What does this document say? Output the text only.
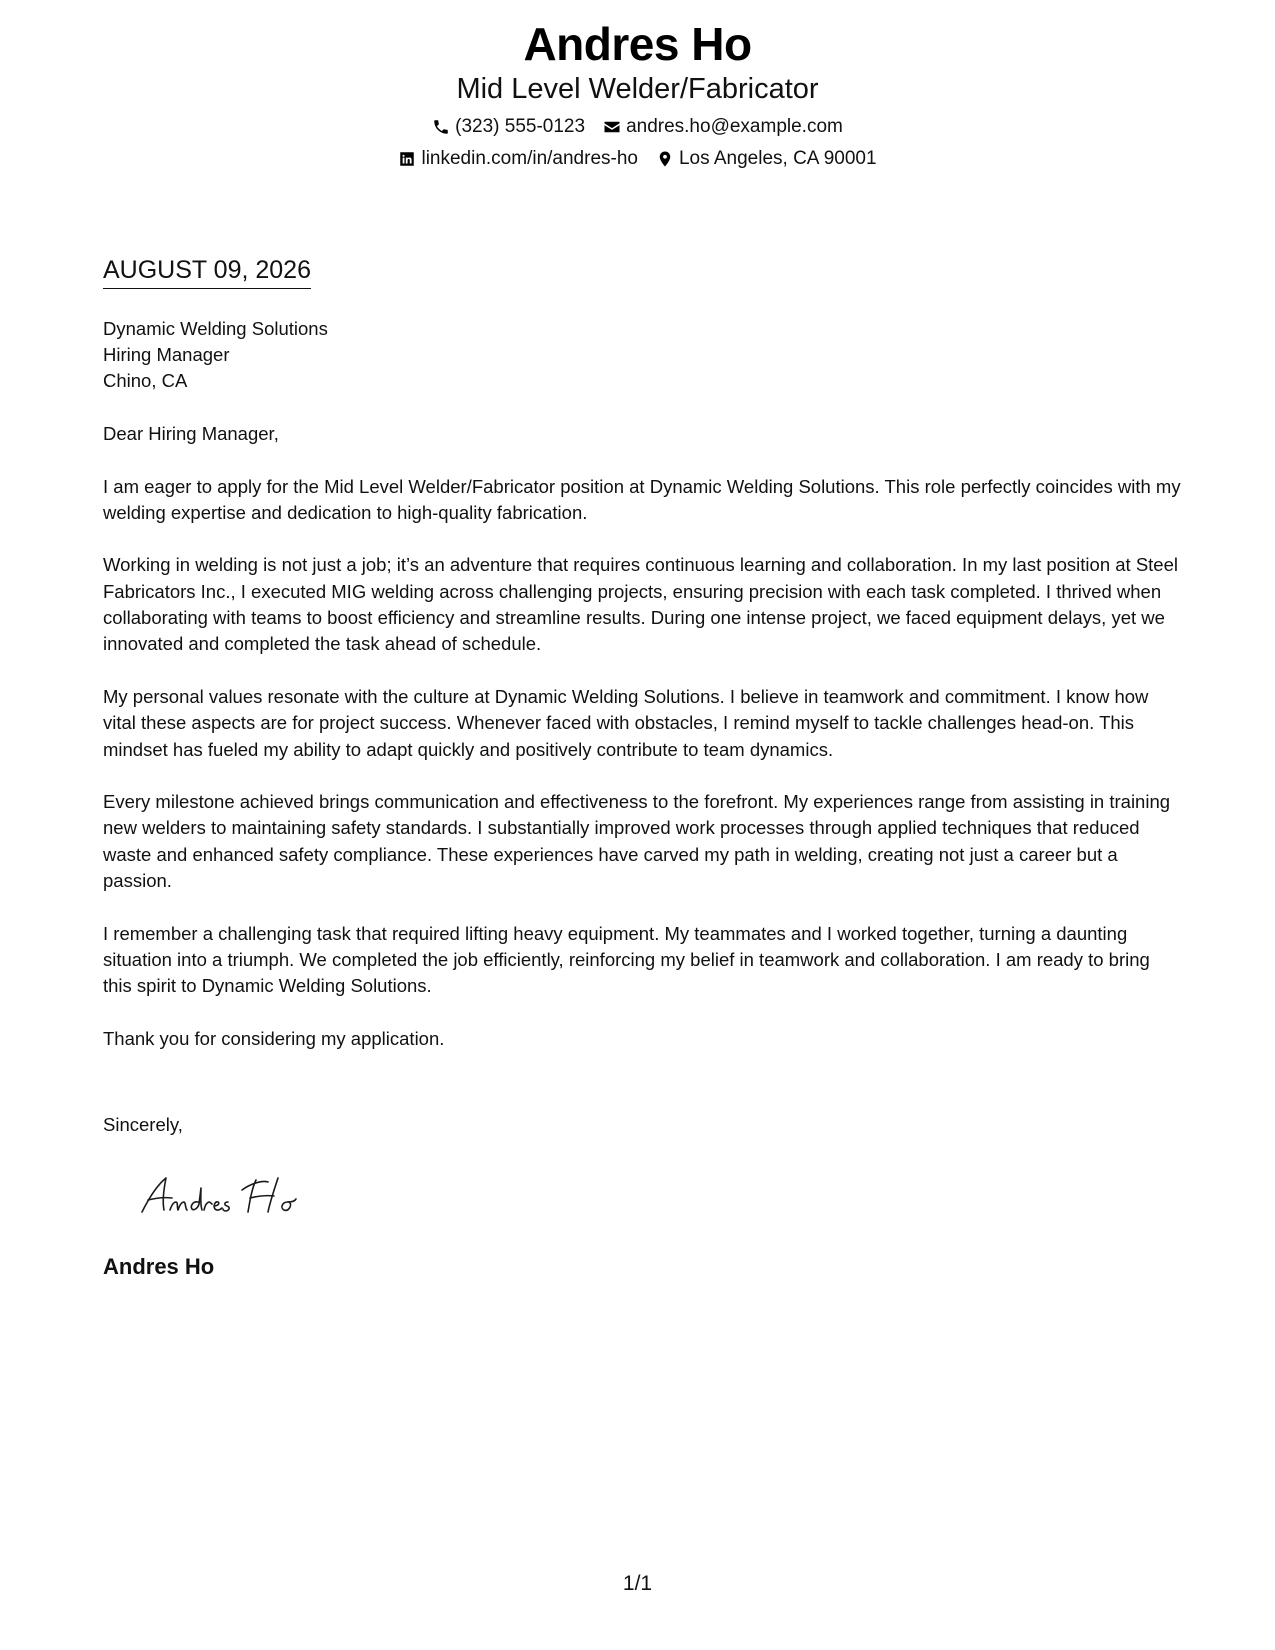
Andres Ho
Mid Level Welder/Fabricator
(323) 555-0123 andres.ho@example.com
linkedin.com/in/andres-ho Los Angeles, CA 90001
AUGUST 09, 2026
Dynamic Welding Solutions
Hiring Manager
Chino, CA

Dear Hiring Manager,

I am eager to apply for the Mid Level Welder/Fabricator position at Dynamic Welding Solutions. This role perfectly coincides with my welding expertise and dedication to high-quality fabrication.

Working in welding is not just a job; it’s an adventure that requires continuous learning and collaboration. In my last position at Steel Fabricators Inc., I executed MIG welding across challenging projects, ensuring precision with each task completed. I thrived when collaborating with teams to boost efficiency and streamline results. During one intense project, we faced equipment delays, yet we innovated and completed the task ahead of schedule.

My personal values resonate with the culture at Dynamic Welding Solutions. I believe in teamwork and commitment. I know how vital these aspects are for project success. Whenever faced with obstacles, I remind myself to tackle challenges head-on. This mindset has fueled my ability to adapt quickly and positively contribute to team dynamics.

Every milestone achieved brings communication and effectiveness to the forefront. My experiences range from assisting in training new welders to maintaining safety standards. I substantially improved work processes through applied techniques that reduced waste and enhanced safety compliance. These experiences have carved my path in welding, creating not just a career but a passion.

I remember a challenging task that required lifting heavy equipment. My teammates and I worked together, turning a daunting situation into a triumph. We completed the job efficiently, reinforcing my belief in teamwork and collaboration. I am ready to bring this spirit to Dynamic Welding Solutions.

Thank you for considering my application.

Sincerely,
Andres Ho
1/1
